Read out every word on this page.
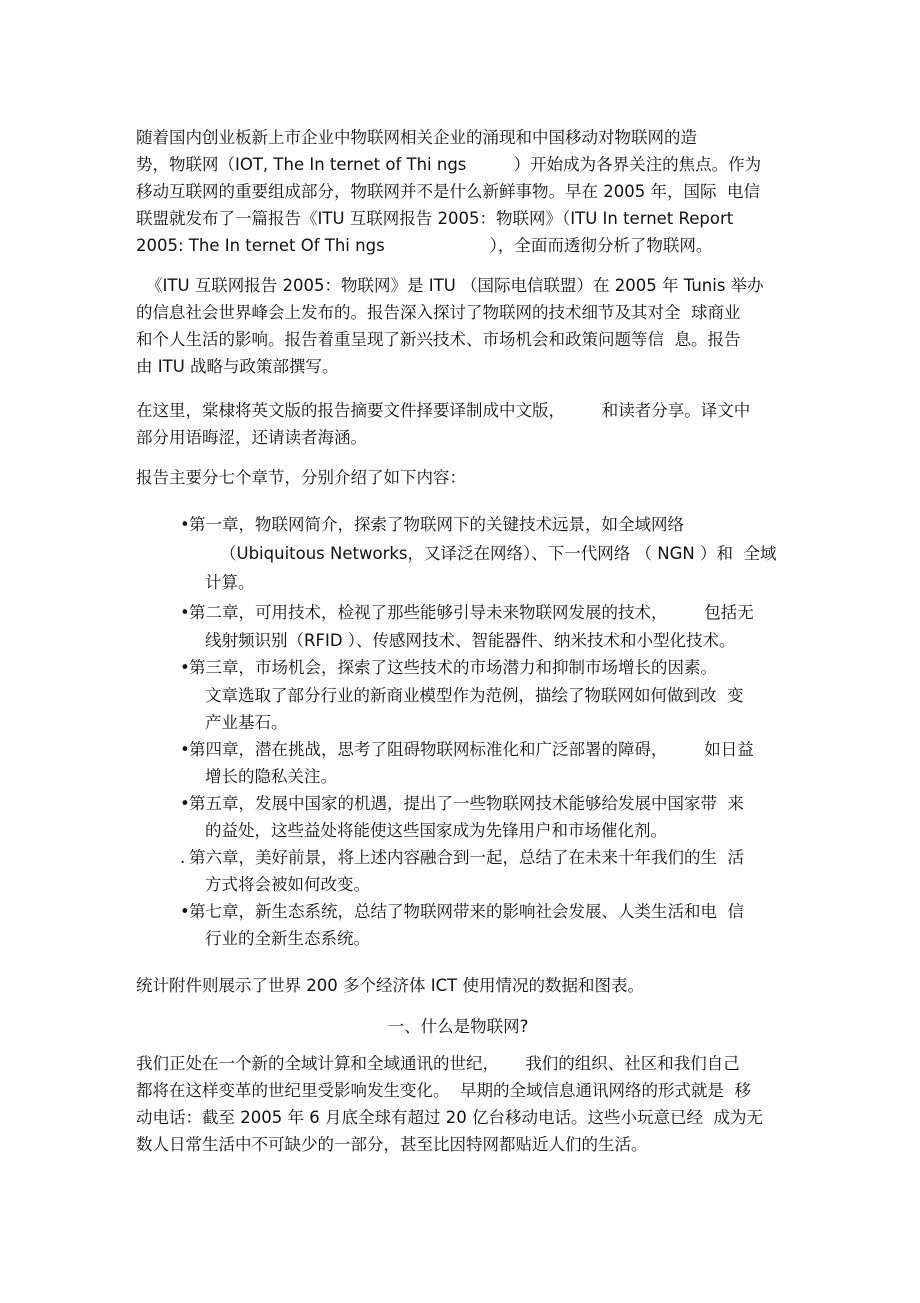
随着国内创业板新上市企业中物联网相关企业的涌现和中国移动对物联网的造
势，物联网（IOT, The In ternet of Thi ngs         ）开始成为各界关注的焦点。作为
移动互联网的重要组成部分，物联网并不是什么新鲜事物。早在 2005 年，国际  电信
联盟就发布了一篇报告《ITU 互联网报告 2005：物联网》（ITU In ternet Report
2005: The In ternet Of Thi ngs                    ），全面而透彻分析了物联网。
《ITU 互联网报告 2005：物联网》是 ITU （国际电信联盟）在 2005 年 Tunis 举办
的信息社会世界峰会上发布的。报告深入探讨了物联网的技术细节及其对全  球商业
和个人生活的影响。报告着重呈现了新兴技术、市场机会和政策问题等信  息。报告
由 ITU 战略与政策部撰写。
在这里，棠棣将英文版的报告摘要文件择要译制成中文版，       和读者分享。译文中
部分用语晦涩，还请读者海涵。
报告主要分七个章节，分别介绍了如下内容：
• 第一章，物联网简介，探索了物联网下的关键技术远景，如全域网络
（Ubiquitous Networks，又译泛在网络）、下一代网络 （ NGN ）和  全域
计算。
• 第二章，可用技术，检视了那些能够引导未来物联网发展的技术，       包括无
线射频识别（RFID ）、传感网技术、智能器件、纳米技术和小型化技术。
• 第三章，市场机会，探索了这些技术的市场潜力和抑制市场增长的因素。
文章选取了部分行业的新商业模型作为范例，描绘了物联网如何做到改  变
产业基石。
• 第四章，潜在挑战，思考了阻碍物联网标准化和广泛部署的障碍，       如日益
增长的隐私关注。
• 第五章，发展中国家的机遇，提出了一些物联网技术能够给发展中国家带  来
的益处，这些益处将能使这些国家成为先锋用户和市场催化剂。
. 第六章，美好前景，将上述内容融合到一起，总结了在未来十年我们的生  活
方式将会被如何改变。
• 第七章，新生态系统，总结了物联网带来的影响社会发展、人类生活和电  信
行业的全新生态系统。
统计附件则展示了世界 200 多个经济体 ICT 使用情况的数据和图表。
一、什么是物联网?
我们正处在一个新的全域计算和全域通讯的世纪，     我们的组织、社区和我们自己
都将在这样变革的世纪里受影响发生变化。  早期的全域信息通讯网络的形式就是  移
动电话：截至 2005 年 6 月底全球有超过 20 亿台移动电话。这些小玩意已经  成为无
数人日常生活中不可缺少的一部分，甚至比因特网都贴近人们的生活。
